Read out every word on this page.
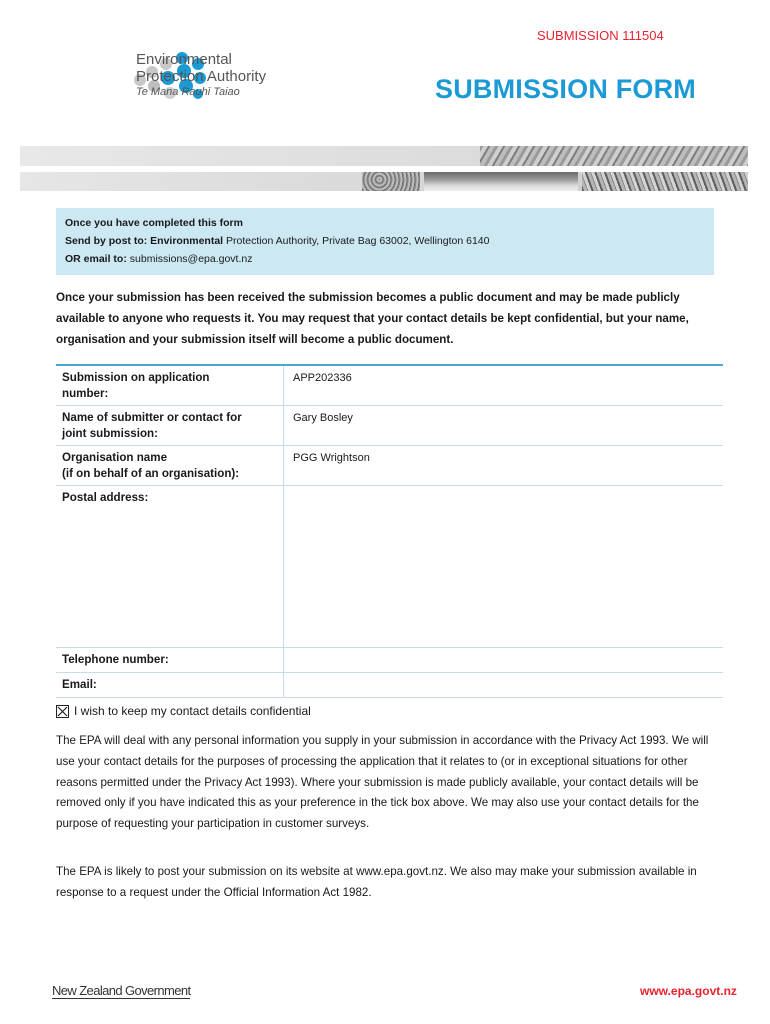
SUBMISSION 111504
SUBMISSION FORM
Environmental
Protection Authority
Te Mana Rauhī Taiao
Once you have completed this form
Send by post to: Environmental Protection Authority, Private Bag 63002, Wellington 6140
OR email to: submissions@epa.govt.nz
Once your submission has been received the submission becomes a public document and may be made publicly available to anyone who requests it. You may request that your contact details be kept confidential, but your name, organisation and your submission itself will become a public document.
Submission on application
number:	APP202336
Name of submitter or contact for
joint submission:	Gary Bosley
Organisation name
(if on behalf of an organisation):	PGG Wrightson
Postal address:	
Telephone number:	
Email:	
I wish to keep my contact details confidential
The EPA will deal with any personal information you supply in your submission in accordance with the Privacy Act 1993. We will use your contact details for the purposes of processing the application that it relates to (or in exceptional situations for other reasons permitted under the Privacy Act 1993). Where your submission is made publicly available, your contact details will be removed only if you have indicated this as your preference in the tick box above. We may also use your contact details for the purpose of requesting your participation in customer surveys.
The EPA is likely to post your submission on its website at www.epa.govt.nz. We also may make your submission available in response to a request under the Official Information Act 1982.
New Zealand Government	www.epa.govt.nz
